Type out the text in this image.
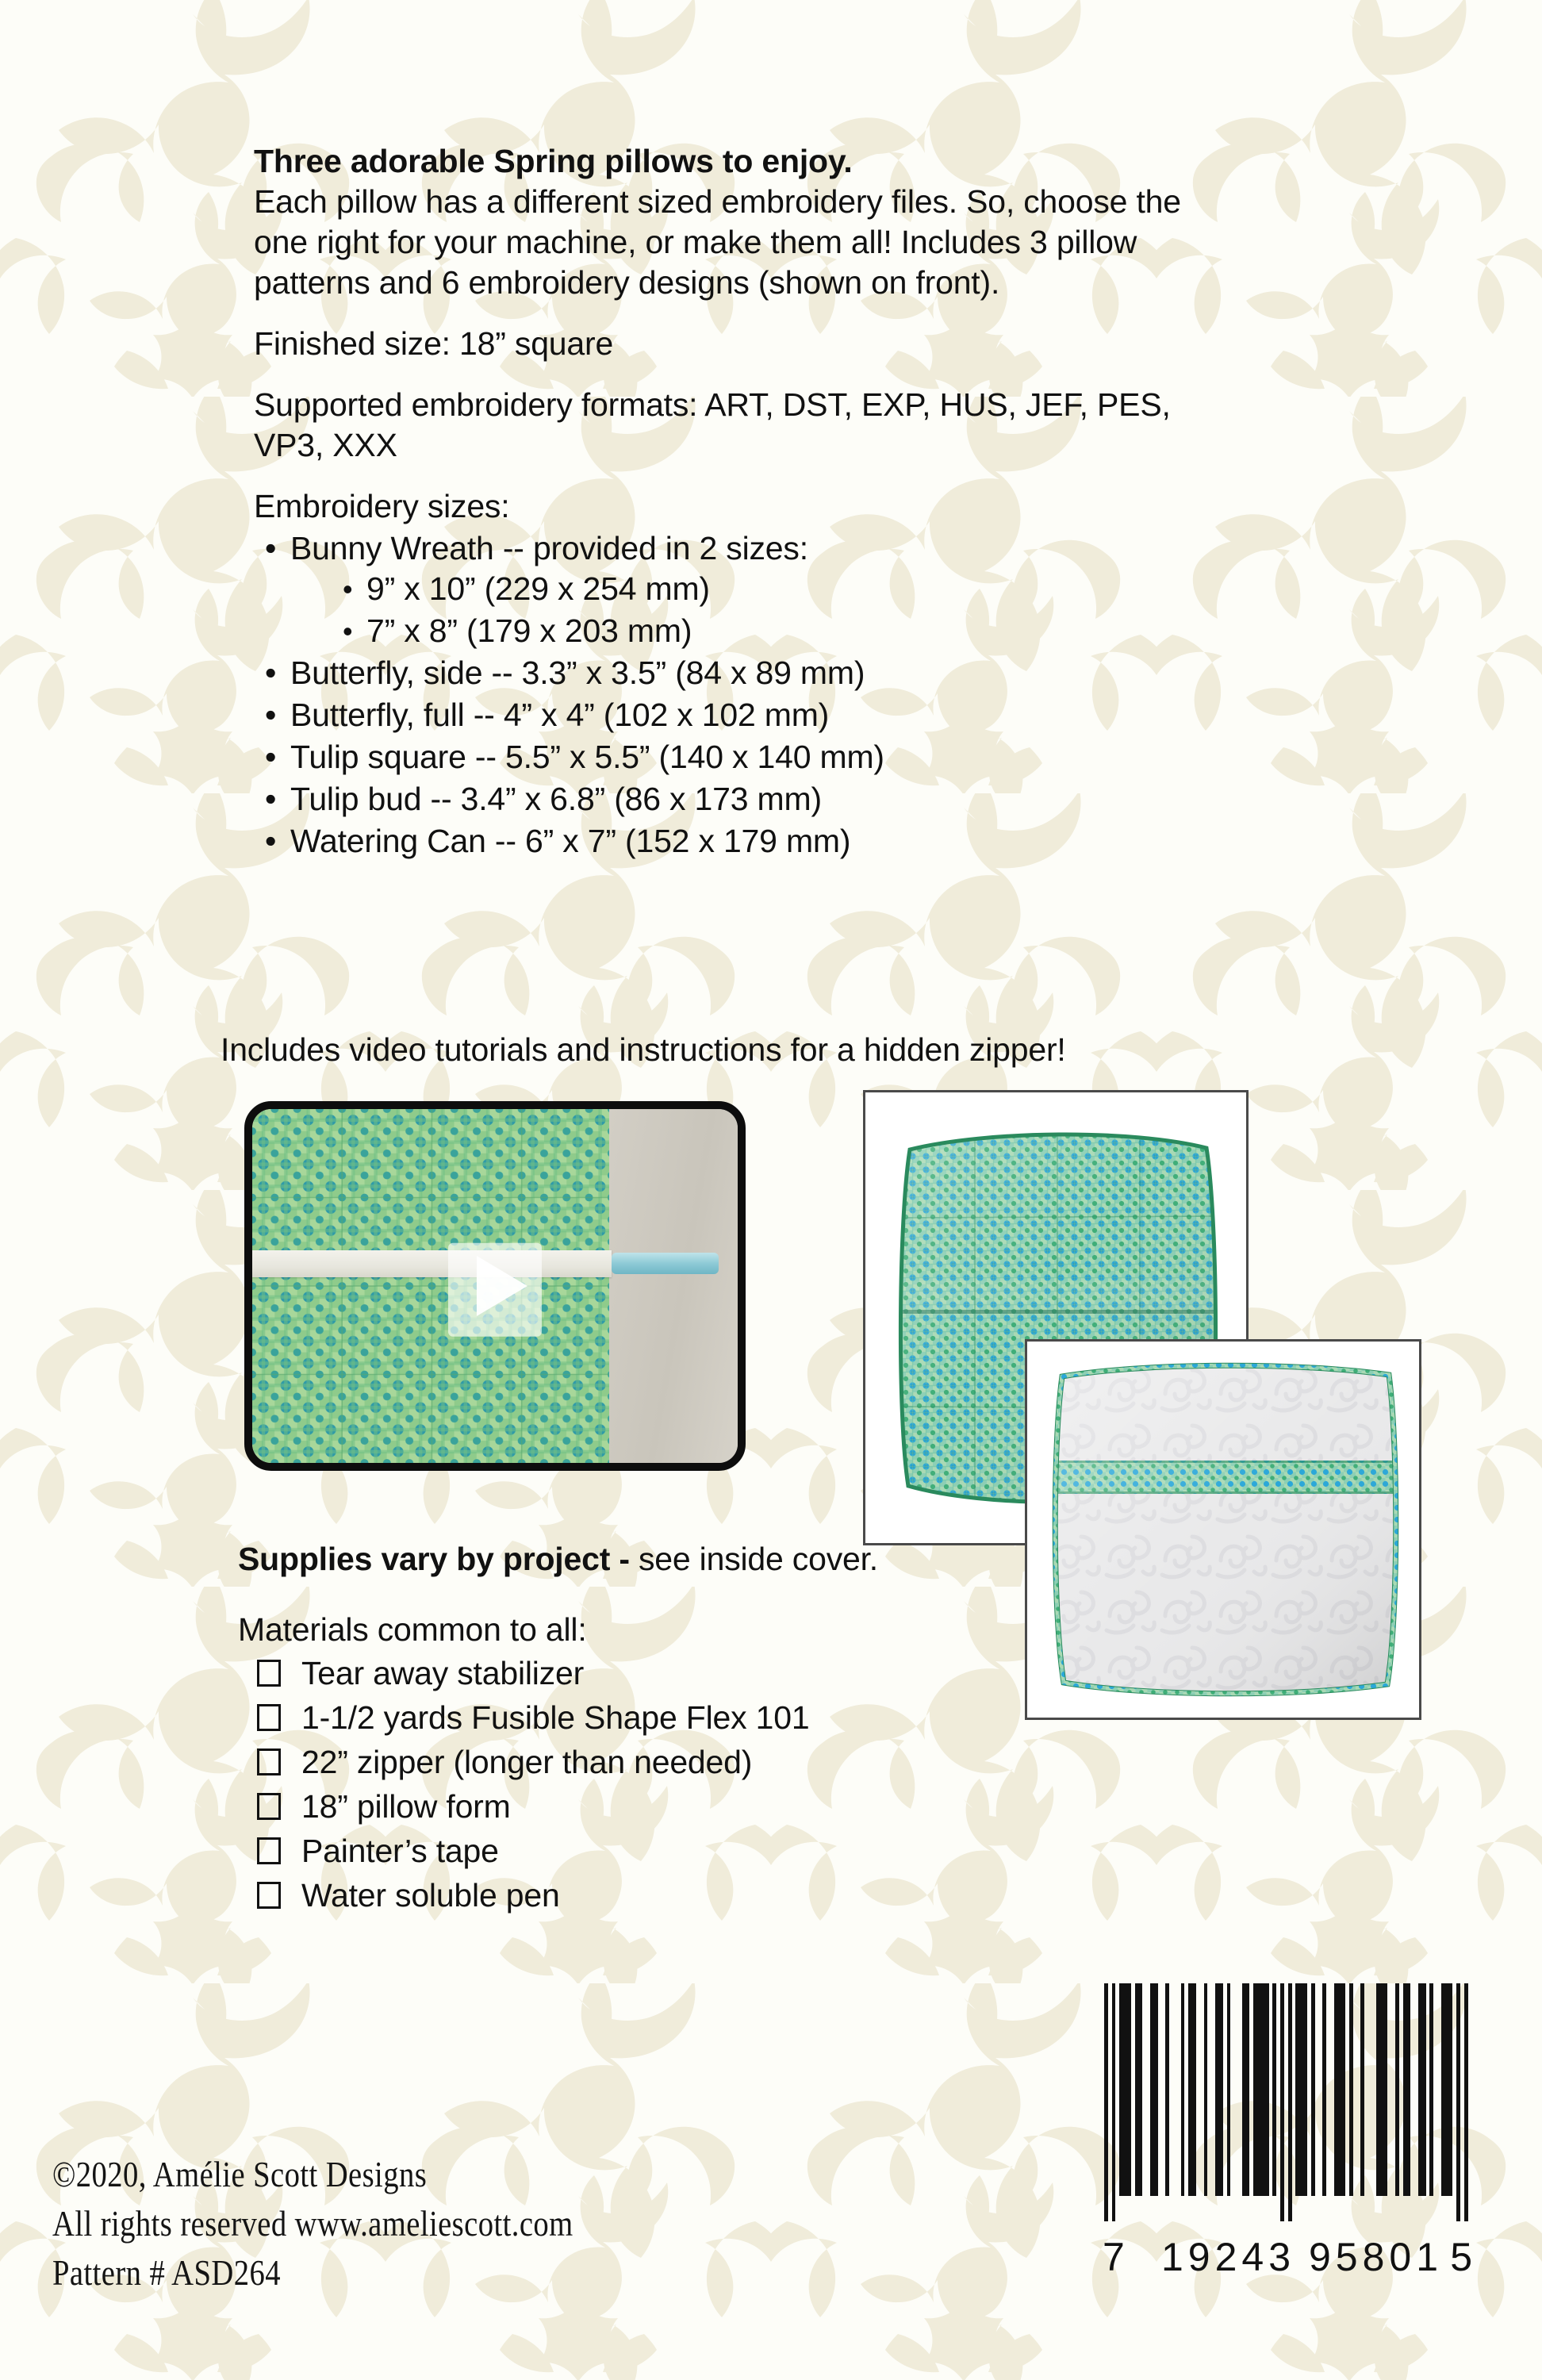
Three adorable Spring pillows to enjoy.

Each pillow has a different sized embroidery files. So, choose the one right for your machine, or make them all! Includes 3 pillow patterns and 6 embroidery designs (shown on front).

Finished size: 18” square

Supported embroidery formats: ART, DST, EXP, HUS, JEF, PES, VP3, XXX

Embroidery sizes:

• Bunny Wreath -- provided in 2 sizes:
• 9” x 10” (229 x 254 mm)
• 7” x 8” (179 x 203 mm)
• Butterfly, side -- 3.3” x 3.5” (84 x 89 mm)
• Butterfly, full -- 4” x 4” (102 x 102 mm)
• Tulip square -- 5.5” x 5.5” (140 x 140 mm)
• Tulip bud -- 3.4” x 6.8” (86 x 173 mm)
• Watering Can -- 6” x 7” (152 x 179 mm)
Includes video tutorials and instructions for a hidden zipper!
Supplies vary by project - see inside cover.
Materials common to all:
Tear away stabilizer
1-1/2 yards Fusible Shape Flex 101
22” zipper (longer than needed)
18” pillow form
Painter’s tape
Water soluble pen
©2020, Amélie Scott Designs
All rights reserved www.ameliescott.com
Pattern # ASD264	7 19243 95801 5
